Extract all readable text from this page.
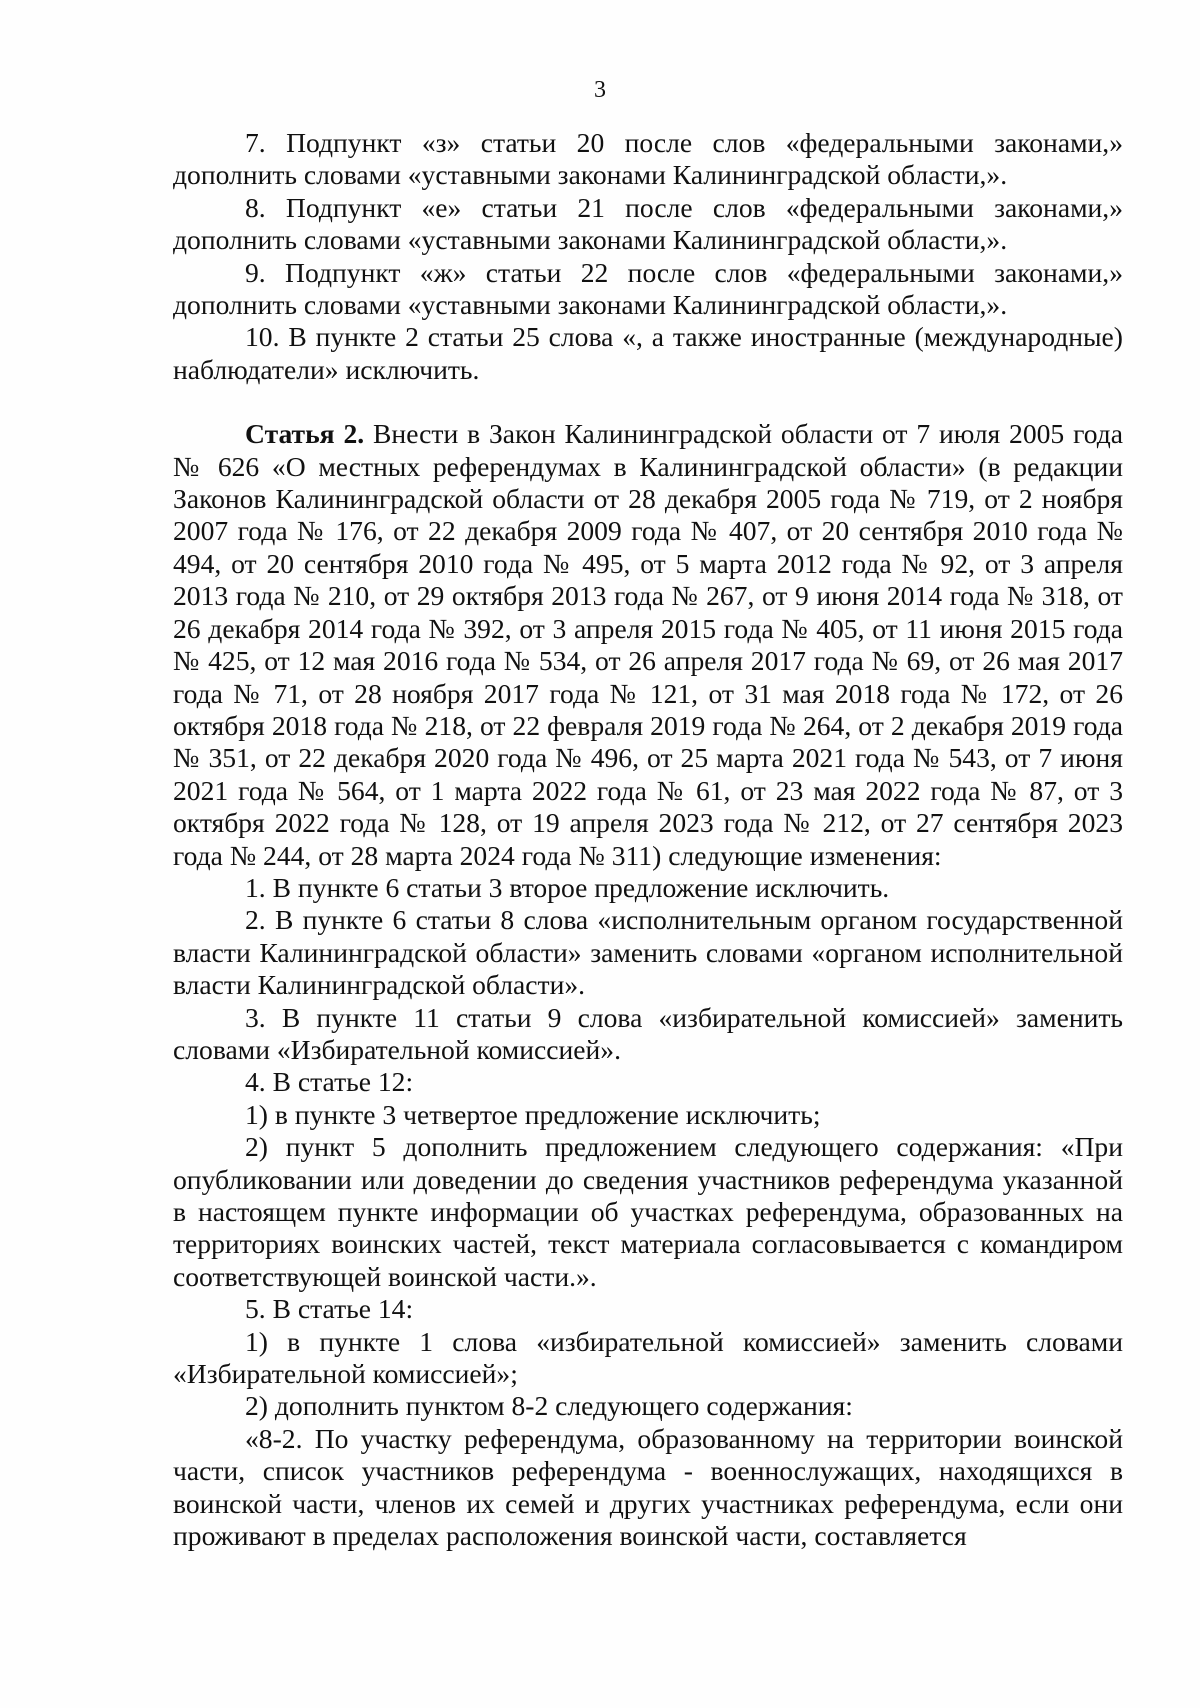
3

7. Подпункт «з» статьи 20 после слов «федеральными законами,» дополнить словами «уставными законами Калининградской области,».

8. Подпункт «е» статьи 21 после слов «федеральными законами,» дополнить словами «уставными законами Калининградской области,».

9. Подпункт «ж» статьи 22 после слов «федеральными законами,» дополнить словами «уставными законами Калининградской области,».

10. В пункте 2 статьи 25 слова «, а также иностранные (международные) наблюдатели» исключить.

Статья 2. Внести в Закон Калининградской области от 7 июля 2005 года № 626 «О местных референдумах в Калининградской области» (в редакции Законов Калининградской области от 28 декабря 2005 года № 719, от 2 ноября 2007 года № 176, от 22 декабря 2009 года № 407, от 20 сентября 2010 года № 494, от 20 сентября 2010 года № 495, от 5 марта 2012 года № 92, от 3 апреля 2013 года № 210, от 29 октября 2013 года № 267, от 9 июня 2014 года № 318, от 26 декабря 2014 года № 392, от 3 апреля 2015 года № 405, от 11 июня 2015 года № 425, от 12 мая 2016 года № 534, от 26 апреля 2017 года № 69, от 26 мая 2017 года № 71, от 28 ноября 2017 года № 121, от 31 мая 2018 года № 172, от 26 октября 2018 года № 218, от 22 февраля 2019 года № 264, от 2 декабря 2019 года № 351, от 22 декабря 2020 года № 496, от 25 марта 2021 года № 543, от 7 июня 2021 года № 564, от 1 марта 2022 года № 61, от 23 мая 2022 года № 87, от 3 октября 2022 года № 128, от 19 апреля 2023 года № 212, от 27 сентября 2023 года № 244, от 28 марта 2024 года № 311) следующие изменения:

1. В пункте 6 статьи 3 второе предложение исключить.

2. В пункте 6 статьи 8 слова «исполнительным органом государственной власти Калининградской области» заменить словами «органом исполнительной власти Калининградской области».

3. В пункте 11 статьи 9 слова «избирательной комиссией» заменить словами «Избирательной комиссией».

4. В статье 12:

1) в пункте 3 четвертое предложение исключить;

2) пункт 5 дополнить предложением следующего содержания: «При опубликовании или доведении до сведения участников референдума указанной в настоящем пункте информации об участках референдума, образованных на территориях воинских частей, текст материала согласовывается с командиром соответствующей воинской части.».

5. В статье 14:

1) в пункте 1 слова «избирательной комиссией» заменить словами «Избирательной комиссией»;

2) дополнить пунктом 8-2 следующего содержания:

«8-2. По участку референдума, образованному на территории воинской части, список участников референдума - военнослужащих, находящихся в воинской части, членов их семей и других участниках референдума, если они проживают в пределах расположения воинской части, составляется
